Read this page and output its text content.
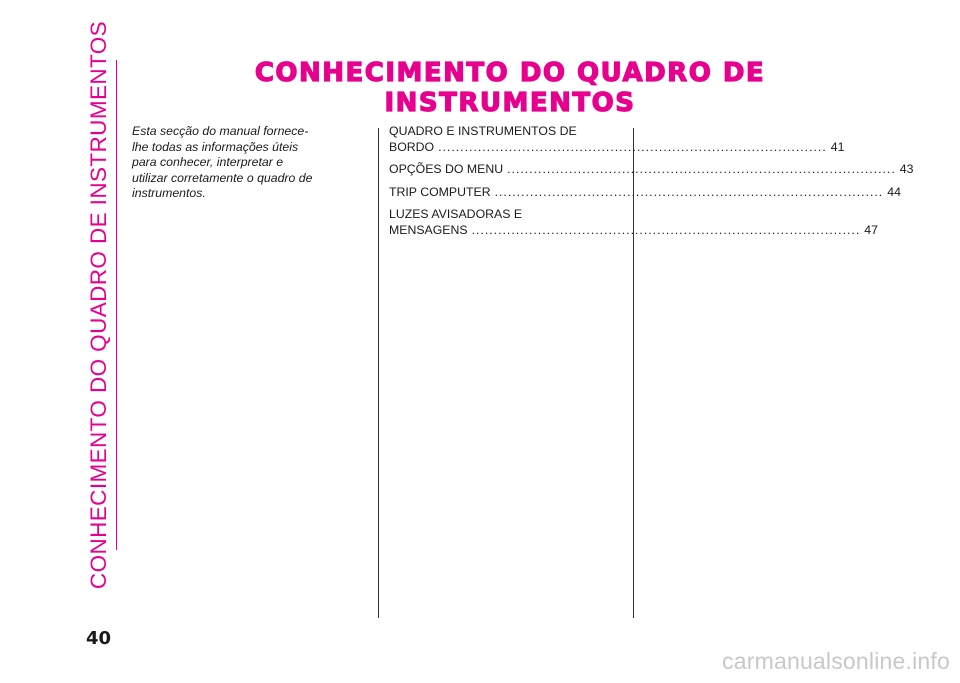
CONHECIMENTO DO QUADRO DE INSTRUMENTOS	CONHECIMENTO DO QUADRO DE
INSTRUMENTOS
Esta secção do manual fornece-
lhe todas as informações úteis
para conhecer, interpretar e
utilizar corretamente o quadro de
instrumentos.
QUADRO E INSTRUMENTOS DE
BORDO ........................................................................................ 41
OPÇÕES DO MENU ........................................................................................ 43
TRIP COMPUTER ........................................................................................ 44
LUZES AVISADORAS E
MENSAGENS ........................................................................................ 47
40
carmanualsonline.info
